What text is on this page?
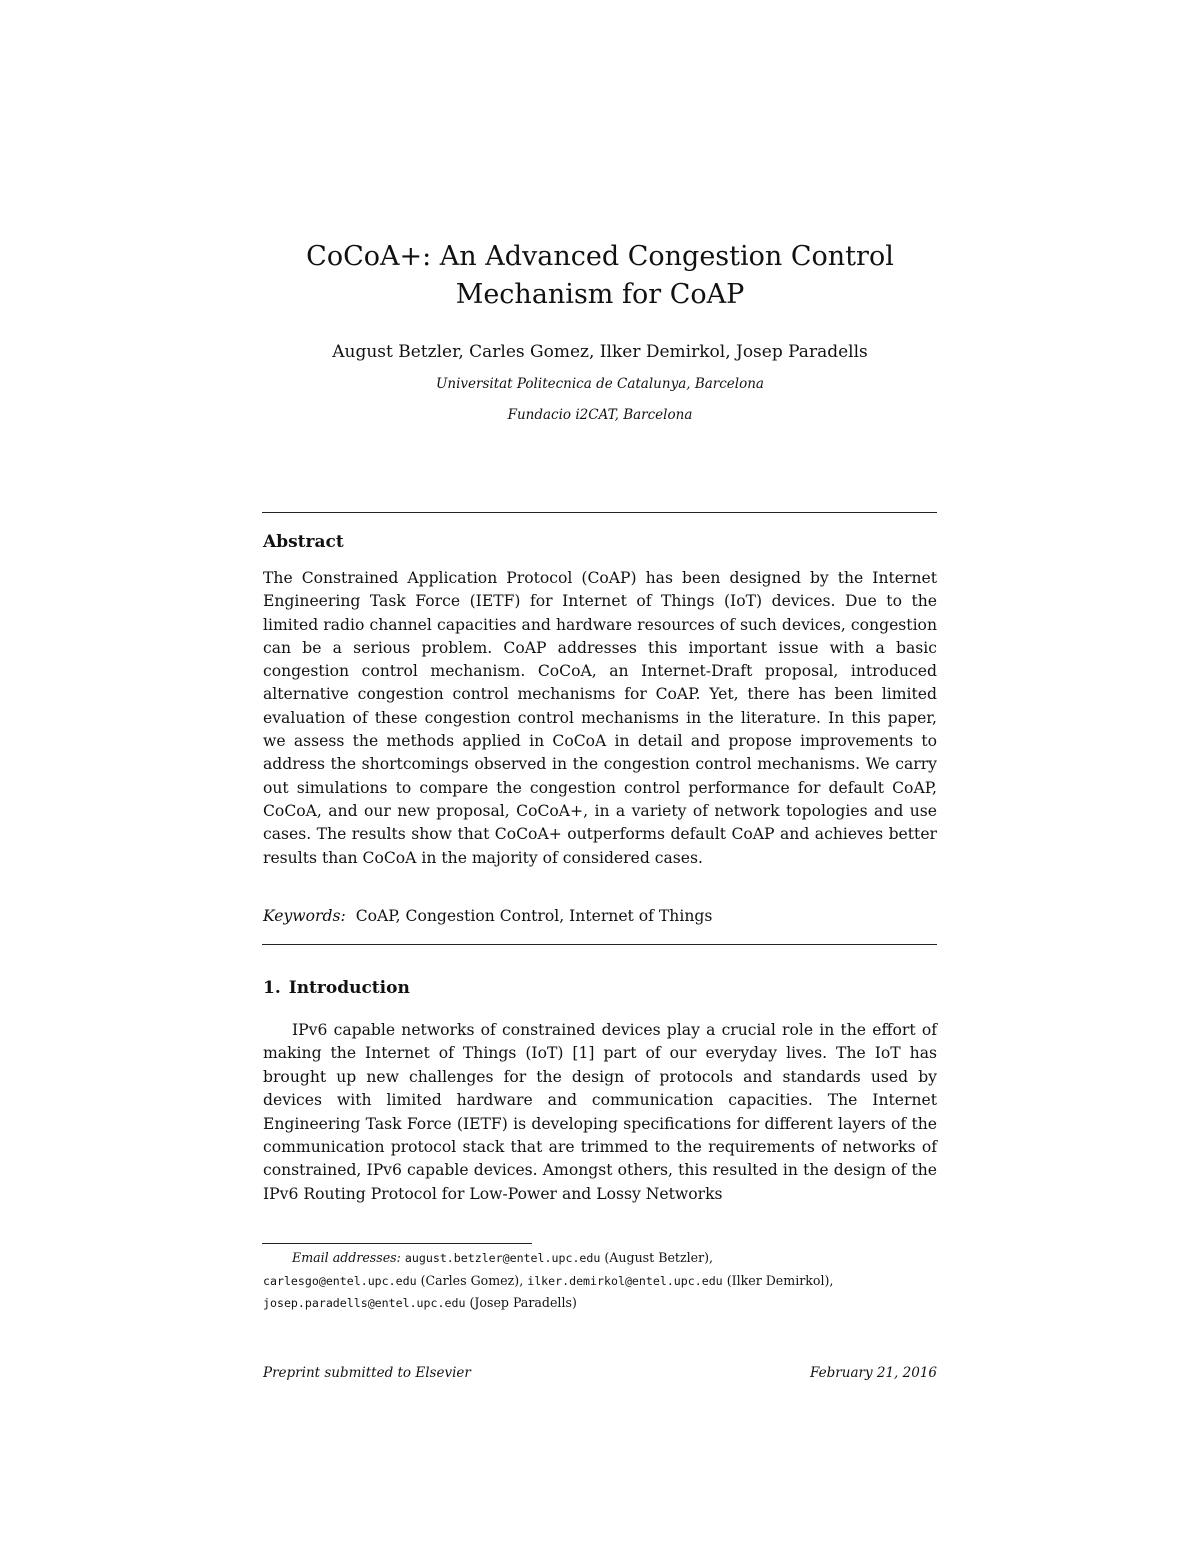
CoCoA+: An Advanced Congestion Control
Mechanism for CoAP
August Betzler, Carles Gomez, Ilker Demirkol, Josep Paradells
Universitat Politecnica de Catalunya, Barcelona
Fundacio i2CAT, Barcelona
Abstract

The Constrained Application Protocol (CoAP) has been designed by the Internet Engineering Task Force (IETF) for Internet of Things (IoT) devices. Due to the limited radio channel capacities and hardware resources of such devices, congestion can be a serious problem. CoAP addresses this important issue with a basic congestion control mechanism. CoCoA, an Internet-Draft proposal, introduced alternative congestion control mechanisms for CoAP. Yet, there has been limited evaluation of these congestion control mechanisms in the literature. In this paper, we assess the methods applied in CoCoA in detail and propose improvements to address the shortcomings observed in the congestion control mechanisms. We carry out simulations to compare the congestion control performance for default CoAP, CoCoA, and our new proposal, CoCoA+, in a variety of network topologies and use cases. The results show that CoCoA+ outperforms default CoAP and achieves better results than CoCoA in the majority of considered cases.

Keywords: CoAP, Congestion Control, Internet of Things
1. Introduction

IPv6 capable networks of constrained devices play a crucial role in the effort of making the Internet of Things (IoT) [1] part of our everyday lives. The IoT has brought up new challenges for the design of protocols and standards used by devices with limited hardware and communication capacities. The Internet Engineering Task Force (IETF) is developing specifications for different layers of the communication protocol stack that are trimmed to the requirements of networks of constrained, IPv6 capable devices. Amongst others, this resulted in the design of the IPv6 Routing Protocol for Low-Power and Lossy Networks

Email addresses: august.betzler@entel.upc.edu (August Betzler),
carlesgo@entel.upc.edu (Carles Gomez), ilker.demirkol@entel.upc.edu (Ilker Demirkol),
josep.paradells@entel.upc.edu (Josep Paradells)
Preprint submitted to Elsevier	February 21, 2016
